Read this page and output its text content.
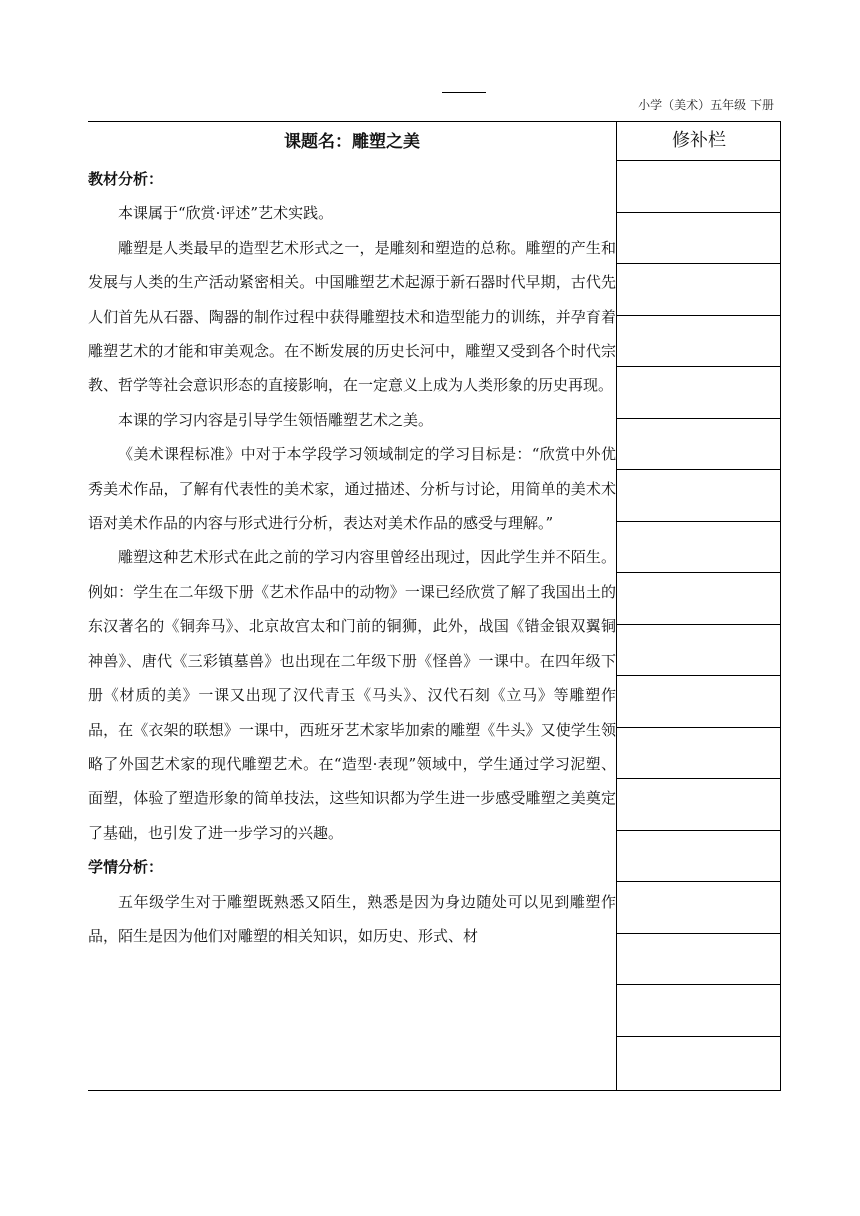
小学（美术）五年级 下册
课题名：雕塑之美
教材分析：
本课属于“欣赏·评述”艺术实践。
雕塑是人类最早的造型艺术形式之一，是雕刻和塑造的总称。雕塑的产生和发展与人类的生产活动紧密相关。中国雕塑艺术起源于新石器时代早期，古代先人们首先从石器、陶器的制作过程中获得雕塑技术和造型能力的训练，并孕育着雕塑艺术的才能和审美观念。在不断发展的历史长河中，雕塑又受到各个时代宗教、哲学等社会意识形态的直接影响，在一定意义上成为人类形象的历史再现。
本课的学习内容是引导学生领悟雕塑艺术之美。
《美术课程标准》中对于本学段学习领域制定的学习目标是：“欣赏中外优秀美术作品，了解有代表性的美术家，通过描述、分析与讨论，用简单的美术术语对美术作品的内容与形式进行分析，表达对美术作品的感受与理解。”
雕塑这种艺术形式在此之前的学习内容里曾经出现过，因此学生并不陌生。例如：学生在二年级下册《艺术作品中的动物》一课已经欣赏了解了我国出土的东汉著名的《铜奔马》、北京故宫太和门前的铜狮，此外，战国《错金银双翼铜神兽》、唐代《三彩镇墓兽》也出现在二年级下册《怪兽》一课中。在四年级下册《材质的美》一课又出现了汉代青玉《马头》、汉代石刻《立马》等雕塑作品，在《衣架的联想》一课中，西班牙艺术家毕加索的雕塑《牛头》又使学生领略了外国艺术家的现代雕塑艺术。在“造型·表现”领域中，学生通过学习泥塑、面塑，体验了塑造形象的简单技法，这些知识都为学生进一步感受雕塑之美奠定了基础，也引发了进一步学习的兴趣。
学情分析：
五年级学生对于雕塑既熟悉又陌生，熟悉是因为身边随处可以见到雕塑作品，陌生是因为他们对雕塑的相关知识，如历史、形式、材
修补栏
